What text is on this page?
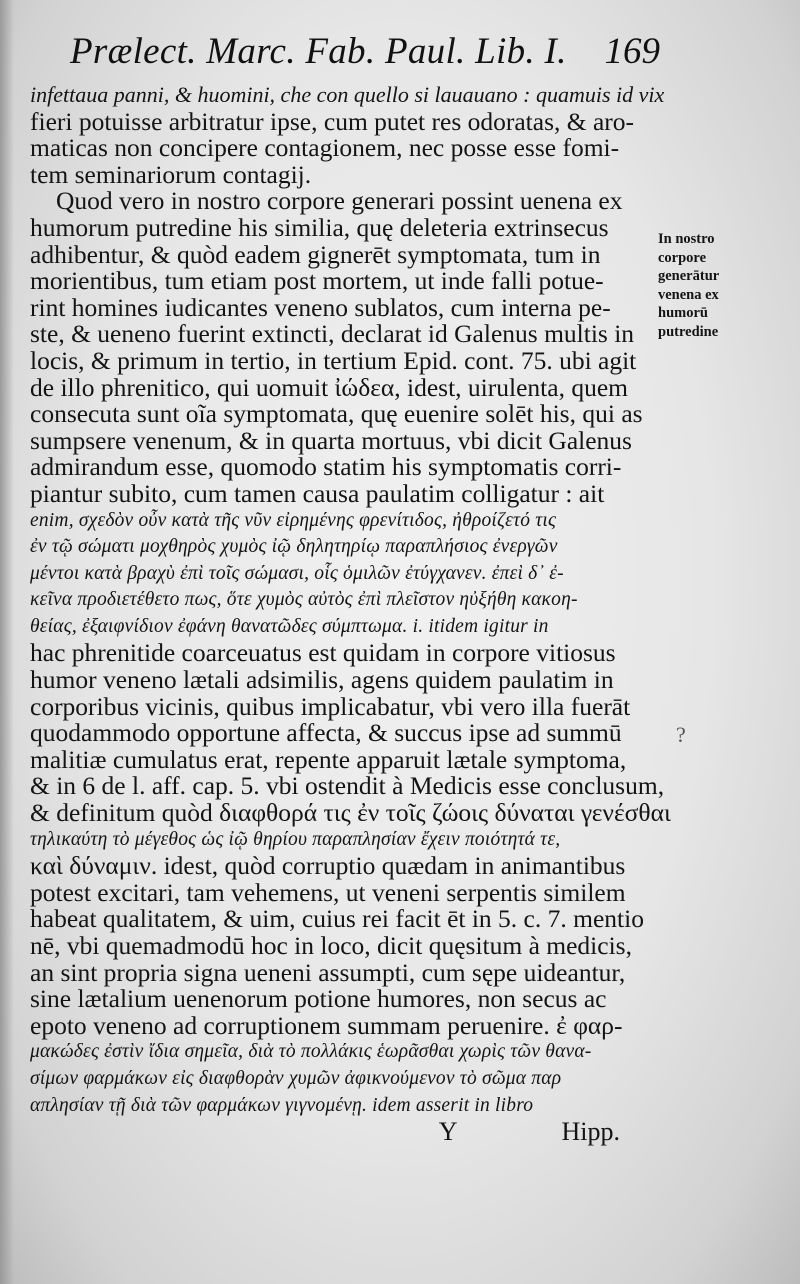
Prælect. Marc. Fab. Paul. Lib. I. 169
infettaua panni, & huomini, che con quello si lauauano : quamuis id vix
fieri potuisse arbitratur ipse, cum putet res odoratas, & aro-
maticas non concipere contagionem, nec posse esse fomi-
tem seminariorum contagij.
Quod vero in nostro corpore generari possint uenena ex
humorum putredine his similia, quę deleteria extrinsecus
adhibentur, & quòd eadem gignerēt symptomata, tum in
morientibus, tum etiam post mortem, ut inde falli potue-
rint homines iudicantes veneno sublatos, cum interna pe-
ste, & ueneno fuerint extincti, declarat id Galenus multis in
locis, & primum in tertio, in tertium Epid. cont. 75. ubi agit
de illo phrenitico, qui uomuit ἰώδεα, idest, uirulenta, quem
consecuta sunt oĩa symptomata, quę euenire solēt his, qui as
sumpsere venenum, & in quarta mortuus, vbi dicit Galenus
admirandum esse, quomodo statim his symptomatis corri-
piantur subito, cum tamen causa paulatim colligatur : ait
enim, σχεδὸν οὖν κατὰ τῆς νῦν εἰρημένης φρενίτιδος, ἠθροίζετό τις
ἐν τῷ σώματι μοχθηρὸς χυμὸς ἰῷ δηλητηρίῳ παραπλήσιος ἐνεργῶν
μέντοι κατὰ βραχὺ ἐπὶ τοῖς σώμασι, οἷς ὁμιλῶν ἐτύγχανεν. ἐπεὶ δ᾽ ἐ-
κεῖνα προδιετέθετο πως, ὅτε χυμὸς αὐτὸς ἐπὶ πλεῖστον ηὐξήθη κακοη-
θείας, ἐξαιφνίδιον ἐφάνη θανατῶδες σύμπτωμα. i. itidem igitur in
hac phrenitide coarceuatus est quidam in corpore vitiosus
humor veneno lætali adsimilis, agens quidem paulatim in
corporibus vicinis, quibus implicabatur, vbi vero illa fuerāt
quodammodo opportune affecta, & succus ipse ad summū
malitiæ cumulatus erat, repente apparuit lætale symptoma,
& in 6 de l. aff. cap. 5. vbi ostendit à Medicis esse conclusum,
& definitum quòd διαφθορά τις ἐν τοῖς ζώοις δύναται γενέσθαι
τηλικαύτη τὸ μέγεθος ὡς ἰῷ θηρίου παραπλησίαν ἔχειν ποιότητά τε,
καὶ δύναμιν. idest, quòd corruptio quædam in animantibus
potest excitari, tam vehemens, ut veneni serpentis similem
habeat qualitatem, & uim, cuius rei facit ēt in 5. c. 7. mentio
nē, vbi quemadmodū hoc in loco, dicit quęsitum à medicis,
an sint propria signa ueneni assumpti, cum sępe uideantur,
sine lætalium uenenorum potione humores, non secus ac
epoto veneno ad corruptionem summam peruenire. ἐ φαρ-
μακώδες ἐστὶν ἴδια σημεῖα, διὰ τὸ πολλάκις ἑωρᾶσθαι χωρὶς τῶν θανα-
σίμων φαρμάκων εἰς διαφθορὰν χυμῶν ἀφικνούμενον τὸ σῶμα παρ
απλησίαν τῇ διὰ τῶν φαρμάκων γιγνομένῃ. idem asserit in libro
Y    	Hipp.
In nostro
corpore
generātur
venena ex
humorū
putredine
?
